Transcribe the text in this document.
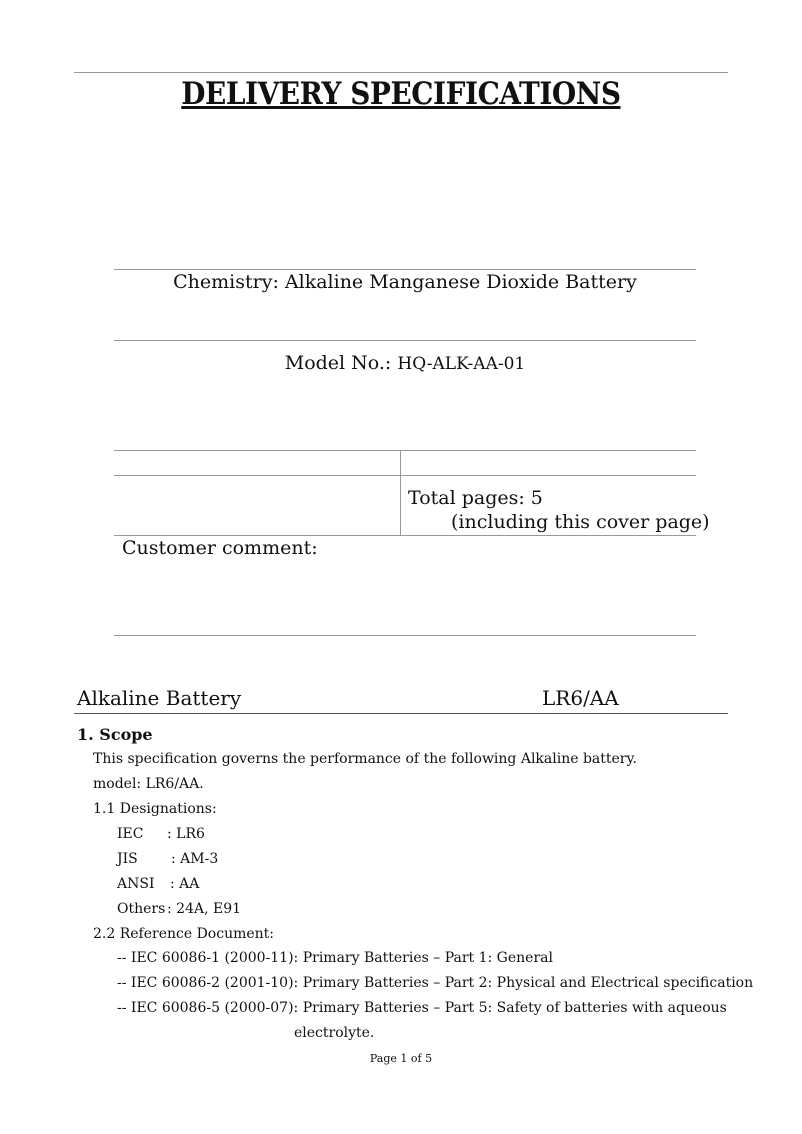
DELIVERY SPECIFICATIONS
Chemistry: Alkaline Manganese Dioxide Battery
Model No.: HQ-ALK-AA-01
Total pages: 5
(including this cover page)
Customer comment:
Alkaline Battery	LR6/AA
1. Scope
This specification governs the performance of the following Alkaline battery.
model: LR6/AA.
1.1 Designations:
IEC : LR6
JIS : AM-3
ANSI : AA
Others : 24A, E91
2.2 Reference Document:
-- IEC 60086-1 (2000-11): Primary Batteries – Part 1: General
-- IEC 60086-2 (2001-10): Primary Batteries – Part 2: Physical and Electrical specification
-- IEC 60086-5 (2000-07): Primary Batteries – Part 5: Safety of batteries with aqueous
electrolyte.
Page 1 of 5
